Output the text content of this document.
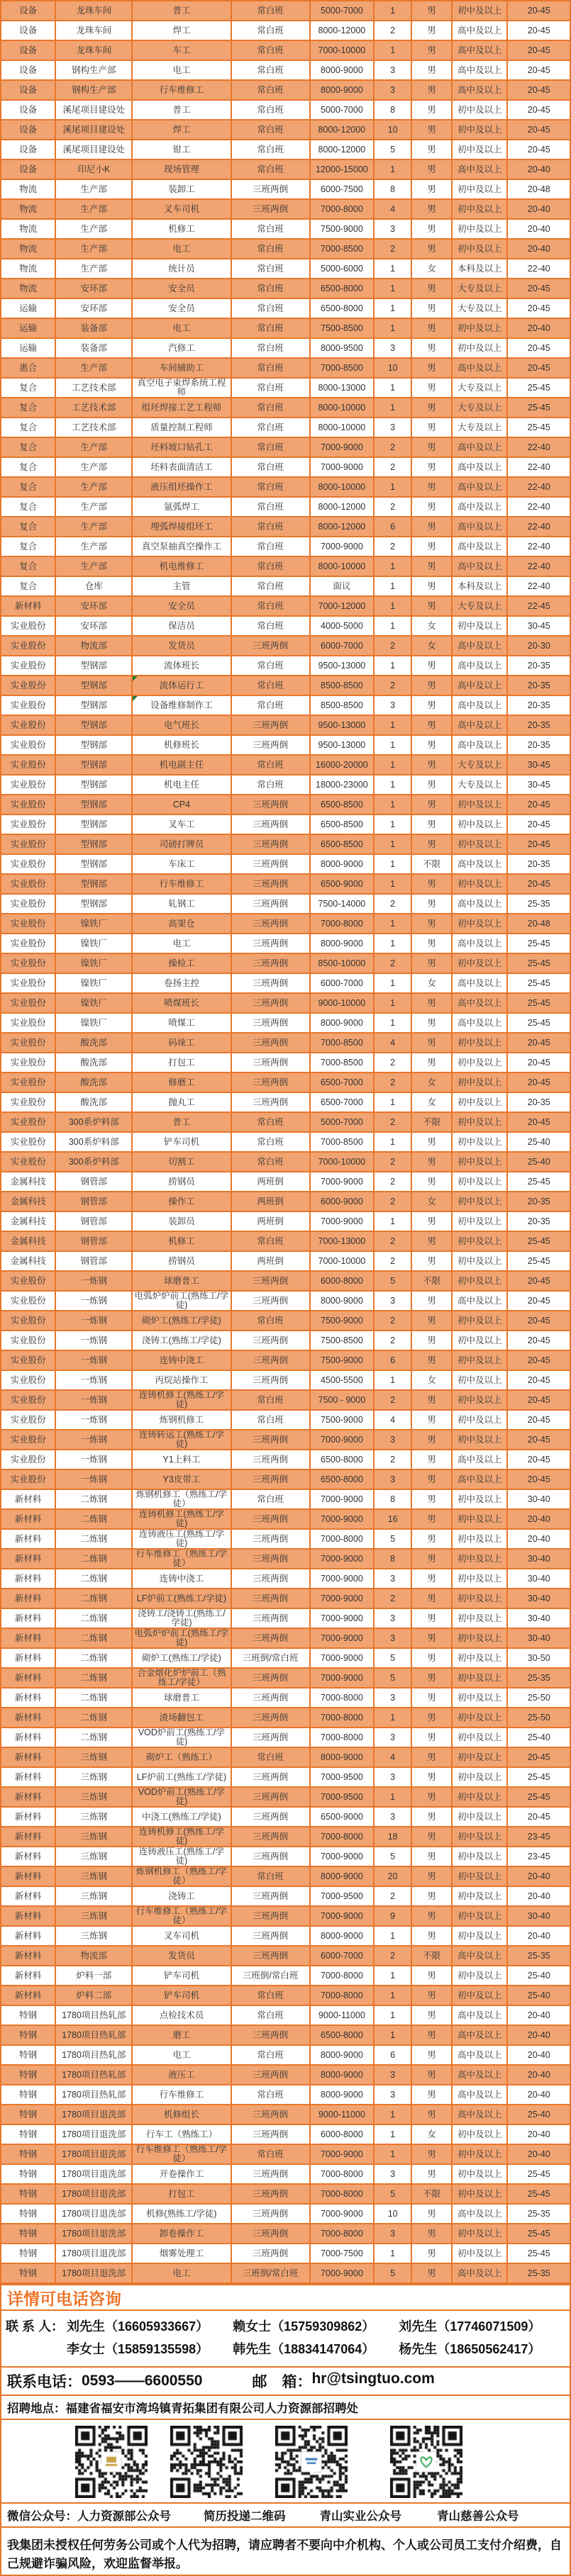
设备	龙珠车间	普工	常白班	5000-7000	1	男	初中及以上	20-45
设备	龙珠车间	焊工	常白班	8000-12000	2	男	高中及以上	20-45
设备	龙珠车间	车工	常白班	7000-10000	1	男	高中及以上	20-45
设备	钢构生产部	电工	常白班	8000-9000	3	男	高中及以上	20-45
设备	钢构生产部	行车维修工	常白班	8000-9000	3	男	高中及以上	20-45
设备	溪尾项目建设处	普工	常白班	5000-7000	8	男	初中及以上	20-45
设备	溪尾项目建设处	焊工	常白班	8000-12000	10	男	初中及以上	20-45
设备	溪尾项目建设处	钳工	常白班	8000-12000	5	男	初中及以上	20-45
设备	印尼小K	现场管理	常白班	12000-15000	1	男	高中及以上	20-40
物流	生产部	装卸工	三班两倒	6000-7500	8	男	初中及以上	20-48
物流	生产部	叉车司机	三班两倒	7000-8000	4	男	初中及以上	20-40
物流	生产部	机修工	常白班	7500-9000	3	男	初中及以上	20-40
物流	生产部	电工	常白班	7000-8500	2	男	初中及以上	20-40
物流	生产部	统计员	常白班	5000-6000	1	女	本科及以上	22-40
物流	安环部	安全员	常白班	6500-8000	1	男	大专及以上	20-45
运输	安环部	安全员	常白班	6500-8000	1	男	大专及以上	20-45
运输	装备部	电工	常白班	7500-8500	1	男	初中及以上	20-40
运输	装备部	汽修工	常白班	8000-9500	3	男	初中及以上	20-45
惠合	生产部	车间辅助工	常白班	7000-8500	10	男	高中及以上	20-45
复合	工艺技术部	真空电子束焊系统工程师	常白班	8000-13000	1	男	大专及以上	25-45
复合	工艺技术部	组坯焊接工艺工程师	常白班	8000-10000	1	男	大专及以上	25-45
复合	工艺技术部	质量控制工程师	常白班	8000-10000	3	男	大专及以上	25-45
复合	生产部	坯料坡口钻孔工	常白班	7000-9000	2	男	高中及以上	22-40
复合	生产部	坯料表面清洁工	常白班	7000-9000	2	男	高中及以上	22-40
复合	生产部	液压组坯操作工	常白班	8000-10000	1	男	高中及以上	22-40
复合	生产部	氩弧焊工	常白班	8000-12000	2	男	高中及以上	22-40
复合	生产部	埋弧焊接组坯工	常白班	8000-12000	6	男	高中及以上	22-40
复合	生产部	真空泵抽真空操作工	常白班	7000-9000	2	男	高中及以上	22-40
复合	生产部	机电维修工	常白班	8000-10000	1	男	高中及以上	22-40
复合	仓库	主管	常白班	面议	1	男	本科及以上	22-40
新材料	安环部	安全员	常白班	7000-12000	1	男	大专及以上	22-45
实业股份	安环部	保洁员	常白班	4000-5000	1	女	初中及以上	30-45
实业股份	物流部	发货员	三班两倒	6000-7000	2	女	高中及以上	20-30
实业股份	型钢部	流体班长	常白班	9500-13000	1	男	高中及以上	20-35
实业股份	型钢部	流体运行工	常白班	8500-8500	2	男	高中及以上	20-35
实业股份	型钢部	设备维修制作工	常白班	8500-8500	3	男	高中及以上	20-35
实业股份	型钢部	电气班长	三班两倒	9500-13000	1	男	高中及以上	20-35
实业股份	型钢部	机修班长	三班两倒	9500-13000	1	男	高中及以上	20-35
实业股份	型钢部	机电副主任	常白班	16000-20000	1	男	大专及以上	30-45
实业股份	型钢部	机电主任	常白班	18000-23000	1	男	大专及以上	30-45
实业股份	型钢部	CP4	三班两倒	6500-8500	1	男	初中及以上	20-45
实业股份	型钢部	叉车工	三班两倒	6500-8500	1	男	初中及以上	20-45
实业股份	型钢部	司磅打牌员	三班两倒	6500-8500	1	男	初中及以上	20-45
实业股份	型钢部	车床工	三班两倒	8000-9000	1	不限	高中及以上	20-35
实业股份	型钢部	行车维修工	三班两倒	6500-9000	1	男	初中及以上	20-45
实业股份	型钢部	轧钢工	三班两倒	7500-14000	2	男	高中及以上	25-35
实业股份	镍铁厂	高架仓	三班两倒	7000-8000	1	男	初中及以上	20-48
实业股份	镍铁厂	电工	三班两倒	8000-9000	1	男	高中及以上	25-45
实业股份	镍铁厂	操检工	三班两倒	8500-10000	2	男	初中及以上	25-45
实业股份	镍铁厂	卷扬主控	三班两倒	6000-7000	1	女	高中及以上	25-45
实业股份	镍铁厂	喷煤班长	三班两倒	9000-10000	1	男	高中及以上	25-45
实业股份	镍铁厂	喷煤工	三班两倒	8000-9000	1	男	高中及以上	25-45
实业股份	酸洗部	码垛工	三班两倒	7000-8500	4	男	初中及以上	20-45
实业股份	酸洗部	打包工	三班两倒	7000-8500	2	男	初中及以上	20-45
实业股份	酸洗部	修磨工	三班两倒	6500-7000	2	女	初中及以上	20-45
实业股份	酸洗部	抛丸工	三班两倒	6500-7000	1	女	初中及以上	20-35
实业股份	300系炉料部	普工	常白班	5000-7000	2	不限	初中及以上	20-45
实业股份	300系炉料部	铲车司机	常白班	7000-8500	1	男	初中及以上	25-40
实业股份	300系炉料部	切割工	常白班	7000-10000	2	男	初中及以上	25-40
金属科技	钢管部	捞钢员	两班倒	7000-9000	2	男	初中及以上	25-45
金属科技	钢管部	操作工	两班倒	6000-9000	2	女	初中及以上	20-35
金属科技	钢管部	装卸员	两班倒	7000-9000	1	男	初中及以上	20-35
金属科技	钢管部	机修工	常白班	7000-13000	2	男	初中及以上	25-45
金属科技	钢管部	捞钢员	两班倒	7000-10000	2	男	初中及以上	25-45
实业股份	一炼钢	球磨普工	三班两倒	6000-8000	5	不限	初中及以上	20-45
实业股份	一炼钢	电弧炉炉前工(熟练工/学徒)	三班两倒	8000-9000	3	男	高中及以上	20-45
实业股份	一炼钢	砌炉工(熟练工/学徒)	常白班	7500-9000	2	男	初中及以上	20-45
实业股份	一炼钢	浇铸工(熟练工/学徒)	三班两倒	7500-8500	2	男	初中及以上	20-45
实业股份	一炼钢	连铸中浇工	三班两倒	7500-9000	6	男	初中及以上	20-45
实业股份	一炼钢	丙烷站操作工	三班两倒	4500-5500	1	女	初中及以上	20-45
实业股份	一炼钢	连铸机修工(熟练工/学徒)	常白班	7500 - 9000	2	男	初中及以上	20-45
实业股份	一炼钢	炼钢机修工	常白班	7500-9000	4	男	初中及以上	20-45
实业股份	一炼钢	连铸转运工(熟练工/学徒)	三班两倒	7000-9000	3	男	初中及以上	20-45
实业股份	一炼钢	Y1上料工	三班两倒	6500-8000	2	男	高中及以上	20-45
实业股份	一炼钢	Y3皮带工	三班两倒	6500-8000	3	男	高中及以上	20-45
新材料	二炼钢	炼钢机修工（熟练工/学徒）	常白班	7000-9000	8	男	初中及以上	30-40
新材料	二炼钢	连铸机修工(熟练工/学徒)	三班两倒	7000-9000	16	男	初中及以上	20-40
新材料	二炼钢	连铸液压工(熟练工/学徒)	三班两倒	7000-8000	5	男	初中及以上	20-40
新材料	二炼钢	行车维修工（熟练工/学徒）	三班两倒	7000-9000	8	男	初中及以上	30-40
新材料	二炼钢	连铸中浇工	三班两倒	7000-9000	3	男	初中及以上	30-40
新材料	二炼钢	LF炉前工(熟练工/学徒)	三班两倒	7000-9000	2	男	初中及以上	30-40
新材料	二炼钢	浇铸工/浇铸工(熟练工/学徒)	三班两倒	7000-9000	3	男	初中及以上	30-40
新材料	二炼钢	电弧炉炉前工(熟练工/学徒)	三班两倒	7000-9000	3	男	初中及以上	30-40
新材料	二炼钢	砌炉工(熟练工/学徒)	三班倒/常白班	7000-9000	5	男	初中及以上	30-50
新材料	二炼钢	合金熔化炉炉前工（熟练工/学徒）	三班两倒	7000-9000	5	男	初中及以上	25-35
新材料	二炼钢	球磨普工	三班两倒	7000-8000	3	男	初中及以上	25-50
新材料	二炼钢	渣场翻包工	三班两倒	7000-8000	1	男	初中及以上	25-50
新材料	二炼钢	VOD炉前工(熟练工/学徒)	三班两倒	7000-8000	3	男	初中及以上	25-40
新材料	三炼钢	砌炉工（熟练工）	常白班	8000-9000	4	男	初中及以上	20-45
新材料	三炼钢	LF炉前工(熟练工/学徒)	三班两倒	7000-9500	3	男	初中及以上	25-45
新材料	三炼钢	VOD炉前工(熟练工/学徒)	三班两倒	7000-9500	1	男	初中及以上	25-45
新材料	三炼钢	中浇工(熟练工/学徒)	三班两倒	6500-9000	3	男	初中及以上	20-45
新材料	三炼钢	连铸机修工(熟练工/学徒)	三班两倒	7000-8000	18	男	初中及以上	23-45
新材料	三炼钢	连铸液压工(熟练工/学徒)	三班两倒	7000-9000	5	男	初中及以上	23-45
新材料	三炼钢	炼钢机修工（熟练工/学徒）	常白班	8000-9000	20	男	初中及以上	20-40
新材料	三炼钢	浇铸工	三班两倒	7000-9500	2	男	初中及以上	20-40
新材料	三炼钢	行车维修工（熟练工/学徒）	三班两倒	7000-9000	9	男	初中及以上	30-40
新材料	三炼钢	叉车司机	三班两倒	8000-9000	1	男	初中及以上	20-40
新材料	物流部	发货员	三班两倒	6000-7000	2	不限	高中及以上	25-35
新材料	炉料一部	铲车司机	三班倒/常白班	7000-8000	1	男	初中及以上	25-40
新材料	炉料二部	铲车司机	常白班	7000-8000	1	男	初中及以上	25-40
特钢	1780项目热轧部	点检技术员	常白班	9000-11000	1	男	高中及以上	20-40
特钢	1780项目热轧部	磨工	三班两倒	6500-8000	1	男	高中及以上	20-40
特钢	1780项目热轧部	电工	常白班	8000-9000	6	男	高中及以上	20-40
特钢	1780项目热轧部	液压工	三班两倒	8000-9000	3	男	高中及以上	20-40
特钢	1780项目热轧部	行车维修工	常白班	8000-9000	3	男	高中及以上	20-40
特钢	1780项目退洗部	机修组长	三班两倒	9000-11000	1	男	高中及以上	25-40
特钢	1780项目退洗部	行车工（熟练工）	三班两倒	6000-8000	1	女	初中及以上	20-40
特钢	1780项目退洗部	行车维修工（熟练工/学徒）	常白班	7000-9000	1	男	初中及以上	20-40
特钢	1780项目退洗部	开卷操作工	三班两倒	7000-8000	3	男	初中及以上	25-45
特钢	1780项目退洗部	打包工	三班两倒	7000-8000	5	不限	初中及以上	25-45
特钢	1780项目退洗部	机修(熟练工/学徒)	三班两倒	7000-9000	10	男	高中及以上	25-35
特钢	1780项目退洗部	卸卷操作工	三班两倒	7000-8000	3	男	初中及以上	25-45
特钢	1780项目退洗部	烟雾处理工	三班两倒	7000-7500	1	男	初中及以上	25-45
特钢	1780项目退洗部	电工	三班倒/常白班	7000-9000	5	男	高中及以上	25-35
详情可电话咨询
联 系 人： 刘先生（16605933667） 赖女士（15759309862） 刘先生（17746071509）
李女士（15859135598） 韩先生（18834147064） 杨先生（18650562417）
联系电话： 0593——6600550	邮　箱： hr@tsingtuo.com
招聘地点：福建省福安市湾坞镇青拓集团有限公司人力资源部招聘处
微信公众号： 人力资源部公众号	简历投递二维码	青山实业公众号	青山慈善公众号
我集团未授权任何劳务公司或个人代为招聘，请应聘者不要向中介机构、个人或公司员工支付介绍费，自己规避诈骗风险，欢迎监督举报。
